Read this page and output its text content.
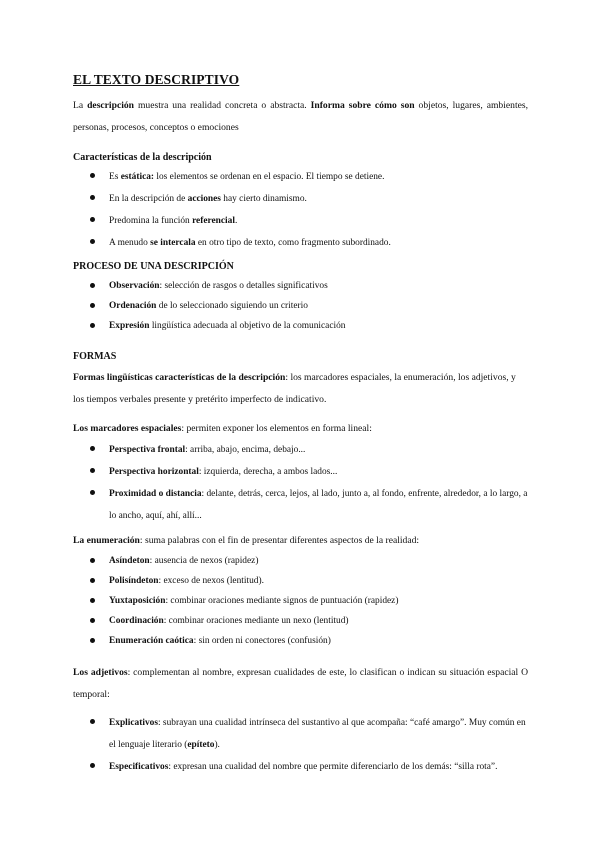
EL TEXTO DESCRIPTIVO

La descripción muestra una realidad concreta o abstracta. Informa sobre cómo son objetos, lugares, ambientes, personas, procesos, conceptos o emociones

Características de la descripción

Es estática: los elementos se ordenan en el espacio. El tiempo se detiene.
En la descripción de acciones hay cierto dinamismo.
Predomina la función referencial.
A menudo se intercala en otro tipo de texto, como fragmento subordinado.

PROCESO DE UNA DESCRIPCIÓN

Observación: selección de rasgos o detalles significativos
Ordenación de lo seleccionado siguiendo un criterio
Expresión lingüística adecuada al objetivo de la comunicación

FORMAS

Formas lingüísticas características de la descripción: los marcadores espaciales, la enumeración, los adjetivos, y los tiempos verbales presente y pretérito imperfecto de indicativo.

Los marcadores espaciales: permiten exponer los elementos en forma lineal:

Perspectiva frontal: arriba, abajo, encima, debajo...
Perspectiva horizontal: izquierda, derecha, a ambos lados...
Proximidad o distancia: delante, detrás, cerca, lejos, al lado, junto a, al fondo, enfrente, alrededor, a lo largo, a lo ancho, aquí, ahí, allí...

La enumeración: suma palabras con el fin de presentar diferentes aspectos de la realidad:

Asíndeton: ausencia de nexos (rapidez)
Polisíndeton: exceso de nexos (lentitud).
Yuxtaposición: combinar oraciones mediante signos de puntuación (rapidez)
Coordinación: combinar oraciones mediante un nexo (lentitud)
Enumeración caótica: sin orden ni conectores (confusión)

Los adjetivos: complementan al nombre, expresan cualidades de este, lo clasifican o indican su situación espacial O temporal:

Explicativos: subrayan una cualidad intrínseca del sustantivo al que acompaña: “café amargo”. Muy común en el lenguaje literario (epíteto).
Especificativos: expresan una cualidad del nombre que permite diferenciarlo de los demás: “silla rota”.
